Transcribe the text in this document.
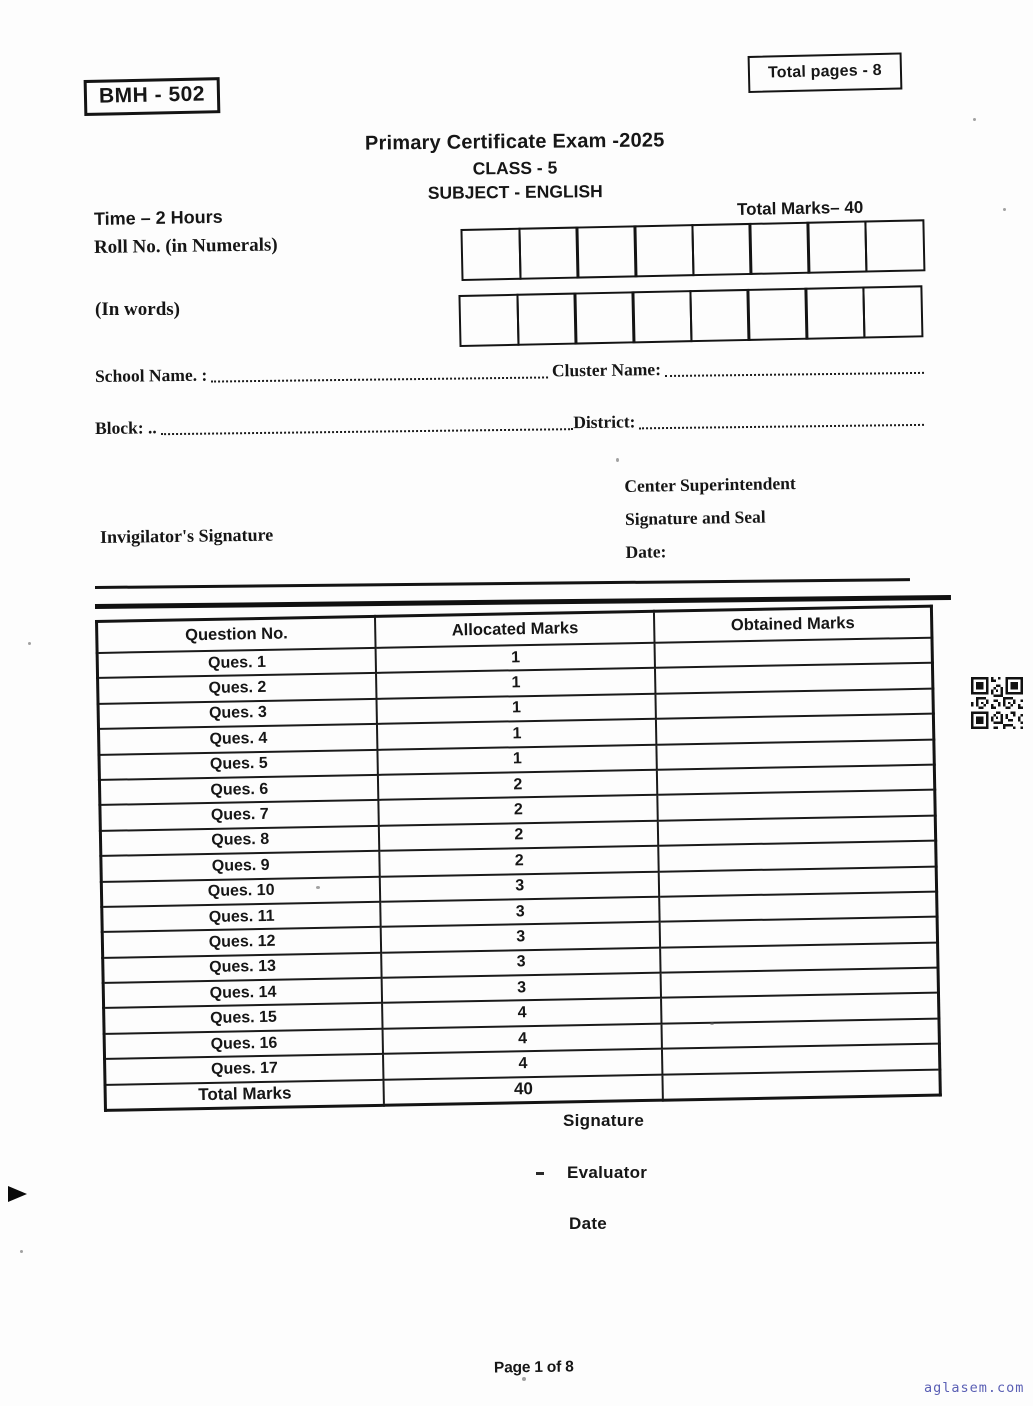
BMH - 502
Total pages - 8
Primary Certificate Exam -2025
CLASS - 5
SUBJECT - ENGLISH
Time – 2 Hours	Total Marks– 40
Roll No. (in Numerals)
(In words)
School Name. :	Cluster Name:
Block: ..	District:
Center Superintendent
Signature and Seal
Date:
Invigilator's Signature
Question No.	Allocated Marks	Obtained Marks
Ques. 1	1	
Ques. 2	1	
Ques. 3	1	
Ques. 4	1	
Ques. 5	1	
Ques. 6	2	
Ques. 7	2	
Ques. 8	2	
Ques. 9	2	
Ques. 10	3	
Ques. 11	3	
Ques. 12	3	
Ques. 13	3	
Ques. 14	3	
Ques. 15	4	
Ques. 16	4	
Ques. 17	4	
Total Marks	40	
Signature
Evaluator
Date
Page 1 of 8
aglasem.com
